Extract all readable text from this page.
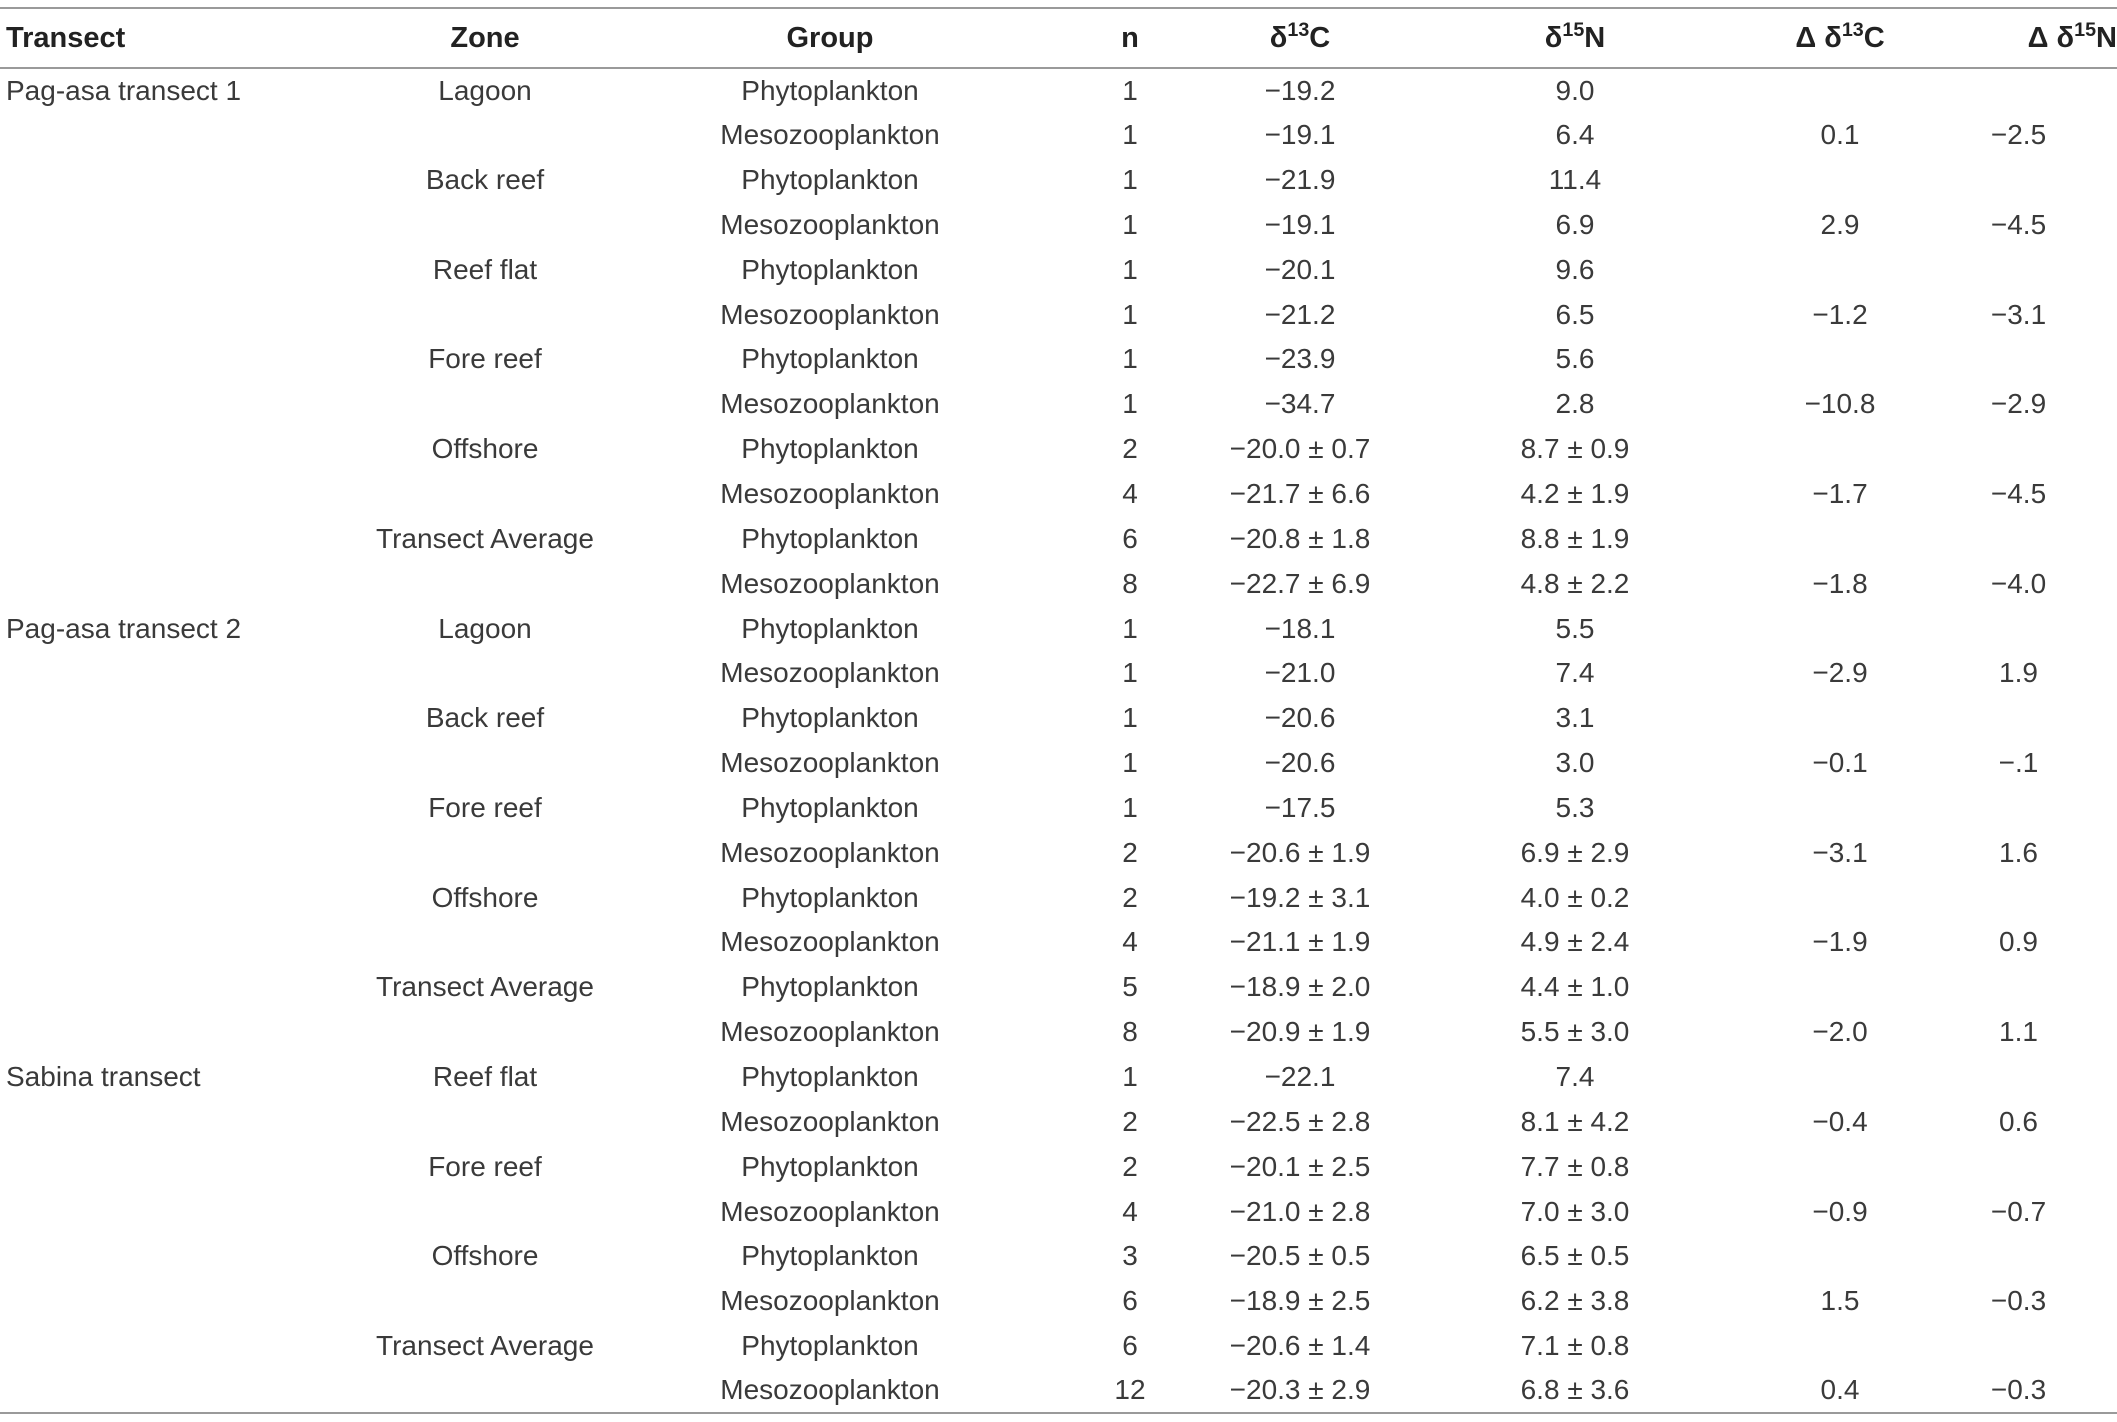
Transect	Zone	Group	n	$\delta^{13}C$	$\delta^{15}N$	Δ $\delta^{13}C$	Δ $\delta^{15}N$
Pag-asa transect 1	Lagoon	Phytoplankton	1	−19.2	9.0		
		Mesozooplankton	1	−19.1	6.4	0.1	−2.5
	Back reef	Phytoplankton	1	−21.9	11.4		
		Mesozooplankton	1	−19.1	6.9	2.9	−4.5
	Reef flat	Phytoplankton	1	−20.1	9.6		
		Mesozooplankton	1	−21.2	6.5	−1.2	−3.1
	Fore reef	Phytoplankton	1	−23.9	5.6		
		Mesozooplankton	1	−34.7	2.8	−10.8	−2.9
	Offshore	Phytoplankton	2	−20.0 ± 0.7	8.7 ± 0.9		
		Mesozooplankton	4	−21.7 ± 6.6	4.2 ± 1.9	−1.7	−4.5
	Transect Average	Phytoplankton	6	−20.8 ± 1.8	8.8 ± 1.9		
		Mesozooplankton	8	−22.7 ± 6.9	4.8 ± 2.2	−1.8	−4.0
Pag-asa transect 2	Lagoon	Phytoplankton	1	−18.1	5.5		
		Mesozooplankton	1	−21.0	7.4	−2.9	1.9
	Back reef	Phytoplankton	1	−20.6	3.1		
		Mesozooplankton	1	−20.6	3.0	−0.1	−.1
	Fore reef	Phytoplankton	1	−17.5	5.3		
		Mesozooplankton	2	−20.6 ± 1.9	6.9 ± 2.9	−3.1	1.6
	Offshore	Phytoplankton	2	−19.2 ± 3.1	4.0 ± 0.2		
		Mesozooplankton	4	−21.1 ± 1.9	4.9 ± 2.4	−1.9	0.9
	Transect Average	Phytoplankton	5	−18.9 ± 2.0	4.4 ± 1.0		
		Mesozooplankton	8	−20.9 ± 1.9	5.5 ± 3.0	−2.0	1.1
Sabina transect	Reef flat	Phytoplankton	1	−22.1	7.4		
		Mesozooplankton	2	−22.5 ± 2.8	8.1 ± 4.2	−0.4	0.6
	Fore reef	Phytoplankton	2	−20.1 ± 2.5	7.7 ± 0.8		
		Mesozooplankton	4	−21.0 ± 2.8	7.0 ± 3.0	−0.9	−0.7
	Offshore	Phytoplankton	3	−20.5 ± 0.5	6.5 ± 0.5		
		Mesozooplankton	6	−18.9 ± 2.5	6.2 ± 3.8	1.5	−0.3
	Transect Average	Phytoplankton	6	−20.6 ± 1.4	7.1 ± 0.8		
		Mesozooplankton	12	−20.3 ± 2.9	6.8 ± 3.6	0.4	−0.3
